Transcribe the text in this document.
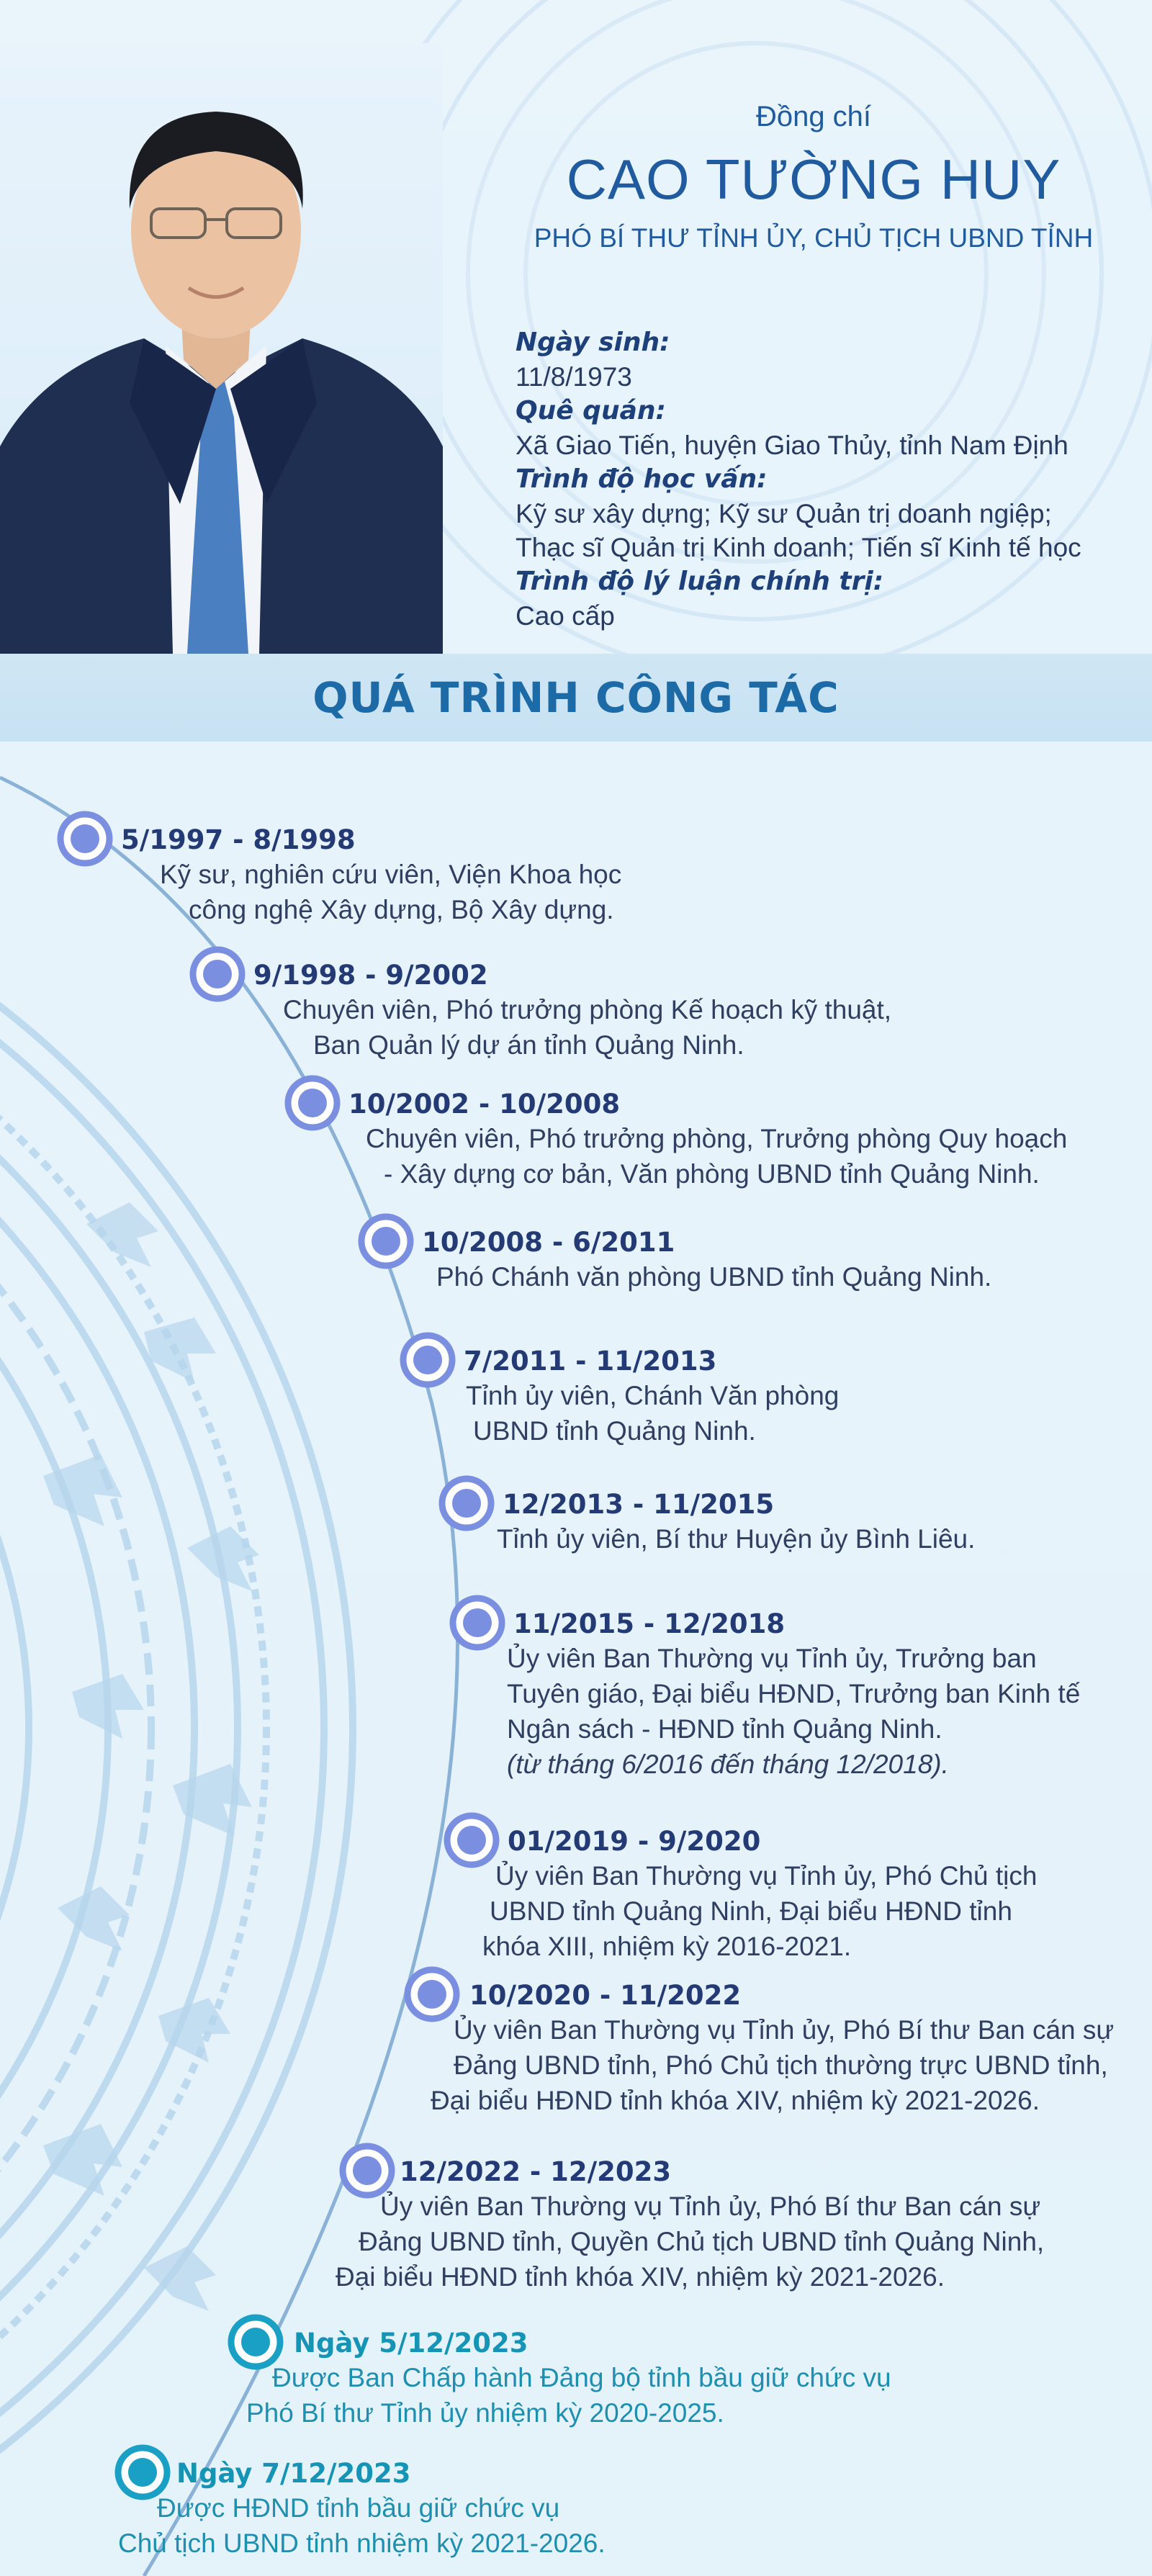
Đồng chí
CAO TƯỜNG HUY
PHÓ BÍ THƯ TỈNH ỦY, CHỦ TỊCH UBND TỈNH
Ngày sinh:
11/8/1973
Quê quán:
Xã Giao Tiến, huyện Giao Thủy, tỉnh Nam Định
Trình độ học vấn:
Kỹ sư xây dựng; Kỹ sư Quản trị doanh ngiệp;
Thạc sĩ Quản trị Kinh doanh; Tiến sĩ Kinh tế học
Trình độ lý luận chính trị:
Cao cấp
QUÁ TRÌNH CÔNG TÁC
5/1997 - 8/1998
Kỹ sư, nghiên cứu viên, Viện Khoa học
công nghệ Xây dựng, Bộ Xây dựng.
9/1998 - 9/2002
Chuyên viên, Phó trưởng phòng Kế hoạch kỹ thuật,
Ban Quản lý dự án tỉnh Quảng Ninh.
10/2002 - 10/2008
Chuyên viên, Phó trưởng phòng, Trưởng phòng Quy hoạch
- Xây dựng cơ bản, Văn phòng UBND tỉnh Quảng Ninh.
10/2008 - 6/2011
Phó Chánh văn phòng UBND tỉnh Quảng Ninh.
7/2011 - 11/2013
Tỉnh ủy viên, Chánh Văn phòng
UBND tỉnh Quảng Ninh.
12/2013 - 11/2015
Tỉnh ủy viên, Bí thư Huyện ủy Bình Liêu.
11/2015 - 12/2018
Ủy viên Ban Thường vụ Tỉnh ủy, Trưởng ban
Tuyên giáo, Đại biểu HĐND, Trưởng ban Kinh tế
Ngân sách - HĐND tỉnh Quảng Ninh.
(từ tháng 6/2016 đến tháng 12/2018).
01/2019 - 9/2020
Ủy viên Ban Thường vụ Tỉnh ủy, Phó Chủ tịch
UBND tỉnh Quảng Ninh, Đại biểu HĐND tỉnh
khóa XIII, nhiệm kỳ 2016-2021.
10/2020 - 11/2022
Ủy viên Ban Thường vụ Tỉnh ủy, Phó Bí thư Ban cán sự
Đảng UBND tỉnh, Phó Chủ tịch thường trực UBND tỉnh,
Đại biểu HĐND tỉnh khóa XIV, nhiệm kỳ 2021-2026.
12/2022 - 12/2023
Ủy viên Ban Thường vụ Tỉnh ủy, Phó Bí thư Ban cán sự
Đảng UBND tỉnh, Quyền Chủ tịch UBND tỉnh Quảng Ninh,
Đại biểu HĐND tỉnh khóa XIV, nhiệm kỳ 2021-2026.
Ngày 5/12/2023
Được Ban Chấp hành Đảng bộ tỉnh bầu giữ chức vụ
Phó Bí thư Tỉnh ủy nhiệm kỳ 2020-2025.
Ngày 7/12/2023
Được HĐND tỉnh bầu giữ chức vụ
Chủ tịch UBND tỉnh nhiệm kỳ 2021-2026.
